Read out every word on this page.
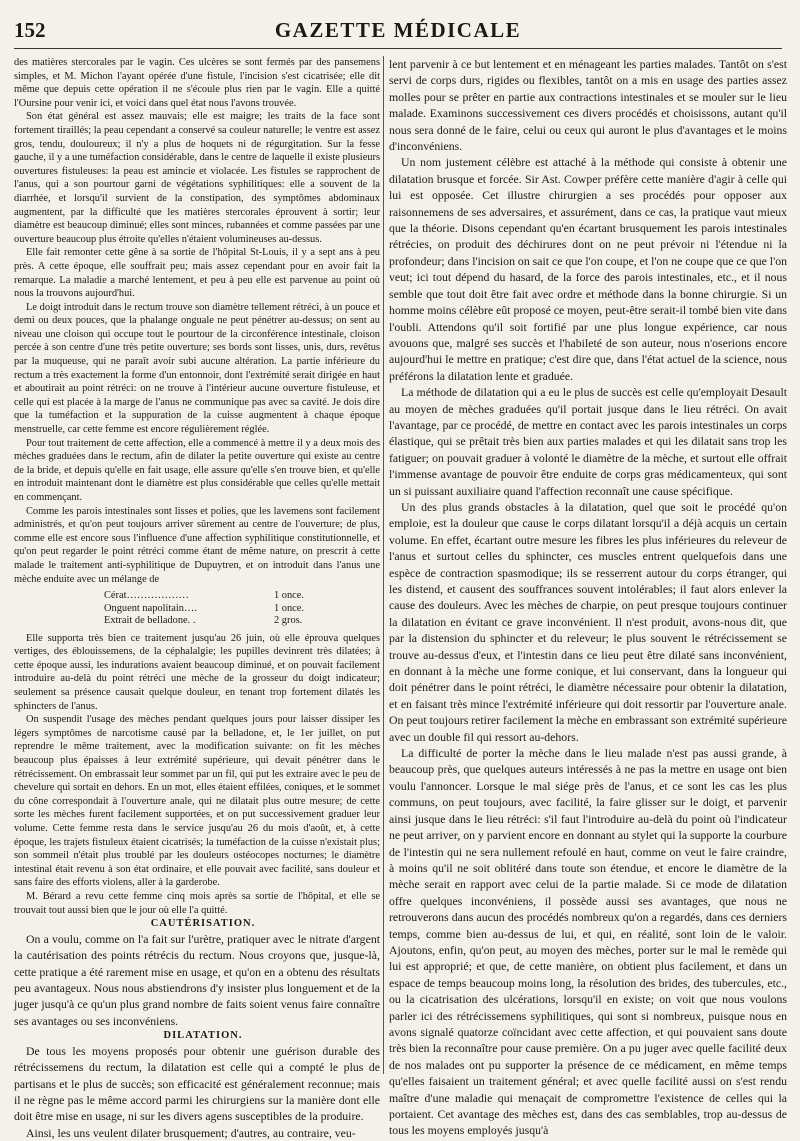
152	GAZETTE MÉDICALE

des matières stercorales par le vagin. Ces ulcères se sont fermés par des pansemens simples, et M. Michon l'ayant opérée d'une fistule, l'incision s'est cicatrisée; elle dit même que depuis cette opération il ne s'écoule plus rien par le vagin. Elle a quitté l'Oursine pour venir ici, et voici dans quel état nous l'avons trouvée.

Son état général est assez mauvais; elle est maigre; les traits de la face sont fortement tiraillés; la peau cependant a conservé sa couleur naturelle; le ventre est assez gros, tendu, douloureux; il n'y a plus de hoquets ni de régurgitation. Sur la fesse gauche, il y a une tuméfaction considérable, dans le centre de laquelle il existe plusieurs ouvertures fistuleuses: la peau est amincie et violacée. Les fistules se rapprochent de l'anus, qui a son pourtour garni de végétations syphilitiques: elle a souvent de la diarrhée, et lorsqu'il survient de la constipation, des symptômes abdominaux augmentent, par la difficulté que les matières stercorales éprouvent à sortir; leur diamètre est beaucoup diminué; elles sont minces, rubannées et comme passées par une ouverture beaucoup plus étroite qu'elles n'étaient volumineuses au-dessus.

Elle fait remonter cette gêne à sa sortie de l'hôpital St-Louis, il y a sept ans à peu près. A cette époque, elle souffrait peu; mais assez cependant pour en avoir fait la remarque. La maladie a marché lentement, et peu à peu elle est parvenue au point où nous la trouvons aujourd'hui.

Le doigt introduit dans le rectum trouve son diamètre tellement rétréci, à un pouce et demi ou deux pouces, que la phalange onguale ne peut pénétrer au-dessus; on sent au niveau une cloison qui occupe tout le pourtour de la circonférence intestinale, cloison percée à son centre d'une très petite ouverture; ses bords sont lisses, unis, durs, revêtus par la muqueuse, qui ne paraît avoir subi aucune altération. La partie inférieure du rectum a très exactement la forme d'un entonnoir, dont l'extrémité serait dirigée en haut et aboutirait au point rétréci: on ne trouve à l'intérieur aucune ouverture fistuleuse, et celle qui est placée à la marge de l'anus ne communique pas avec sa cavité. Je dois dire que la tuméfaction et la suppuration de la cuisse augmentent à chaque époque menstruelle, car cette femme est encore régulièrement réglée.

Pour tout traitement de cette affection, elle a commencé à mettre il y a deux mois des mèches graduées dans le rectum, afin de dilater la petite ouverture qui existe au centre de la bride, et depuis qu'elle en fait usage, elle assure qu'elle s'en trouve bien, et qu'elle en introduit maintenant dont le diamètre est plus considérable que celles qu'elle mettait en commençant.

Comme les parois intestinales sont lisses et polies, que les lavemens sont facilement administrés, et qu'on peut toujours arriver sûrement au centre de l'ouverture; de plus, comme elle est encore sous l'influence d'une affection syphilitique constitutionnelle, et qu'on peut regarder le point rétréci comme étant de même nature, on prescrit à cette malade le traitement anti-syphilitique de Dupuytren, et on introduit dans l'anus une mèche enduite avec un mélange de

Cérat………………	1 once.
Onguent napolitain….	1 once.
Extrait de belladone. .	2 gros.

Elle supporta très bien ce traitement jusqu'au 26 juin, où elle éprouva quelques vertiges, des éblouissemens, de la céphalalgie; les pupilles devinrent très dilatées; à cette époque aussi, les indurations avaient beaucoup diminué, et on pouvait facilement introduire au-delà du point rétréci une mèche de la grosseur du doigt indicateur; seulement sa présence causait quelque douleur, en tenant trop fortement dilatés les sphincters de l'anus.

On suspendit l'usage des mèches pendant quelques jours pour laisser dissiper les légers symptômes de narcotisme causé par la belladone, et, le 1er juillet, on put reprendre le même traitement, avec la modification suivante: on fit les mèches beaucoup plus épaisses à leur extrémité supérieure, qui devait pénétrer dans le rétrécissement. On embrassait leur sommet par un fil, qui put les extraire avec le peu de chevelure qui sortait en dehors. En un mot, elles étaient effilées, coniques, et le sommet du cône correspondait à l'ouverture anale, qui ne dilatait plus outre mesure; de cette sorte les mèches furent facilement supportées, et on put successivement graduer leur volume. Cette femme resta dans le service jusqu'au 26 du mois d'août, et, à cette époque, les trajets fistuleux étaient cicatrisés; la tuméfaction de la cuisse n'existait plus; son sommeil n'était plus troublé par les douleurs ostéocopes nocturnes; le diamètre intestinal était revenu à son état ordinaire, et elle pouvait avec facilité, sans douleur et sans faire des efforts violens, aller à la garderobe.

M. Bérard a revu cette femme cinq mois après sa sortie de l'hôpital, et elle se trouvait tout aussi bien que le jour où elle l'a quitté.

CAUTÉRISATION.

On a voulu, comme on l'a fait sur l'urètre, pratiquer avec le nitrate d'argent la cautérisation des points rétrécis du rectum. Nous croyons que, jusque-là, cette pratique a été rarement mise en usage, et qu'on en a obtenu des résultats peu avantageux. Nous nous abstiendrons d'y insister plus longuement et de la juger jusqu'à ce qu'un plus grand nombre de faits soient venus faire connaître ses avantages ou ses inconvéniens.

DILATATION.

De tous les moyens proposés pour obtenir une guérison durable des rétrécissemens du rectum, la dilatation est celle qui a compté le plus de partisans et le plus de succès; son efficacité est généralement reconnue; mais il ne règne pas le même accord parmi les chirurgiens sur la manière dont elle doit être mise en usage, ni sur les divers agens susceptibles de la produire.

Ainsi, les uns veulent dilater brusquement; d'autres, au contraire, veu-

lent parvenir à ce but lentement et en ménageant les parties malades. Tantôt on s'est servi de corps durs, rigides ou flexibles, tantôt on a mis en usage des parties assez molles pour se prêter en partie aux contractions intestinales et se mouler sur le lieu malade. Examinons successivement ces divers procédés et choisissons, autant qu'il nous sera donné de le faire, celui ou ceux qui auront le plus d'avantages et le moins d'inconvéniens.

Un nom justement célèbre est attaché à la méthode qui consiste à obtenir une dilatation brusque et forcée. Sir Ast. Cowper préfère cette manière d'agir à celle qui lui est opposée. Cet illustre chirurgien a ses procédés pour opposer aux raisonnemens de ses adversaires, et assurément, dans ce cas, la pratique vaut mieux que la théorie. Disons cependant qu'en écartant brusquement les parois intestinales rétrécies, on produit des déchirures dont on ne peut prévoir ni l'étendue ni la profondeur; dans l'incision on sait ce que l'on coupe, et l'on ne coupe que ce que l'on veut; ici tout dépend du hasard, de la force des parois intestinales, etc., et il nous semble que tout doit être fait avec ordre et méthode dans la bonne chirurgie. Si un homme moins célèbre eût proposé ce moyen, peut-être serait-il tombé bien vite dans l'oubli. Attendons qu'il soit fortifié par une plus longue expérience, car nous avouons que, malgré ses succès et l'habileté de son auteur, nous n'oserions encore aujourd'hui le mettre en pratique; c'est dire que, dans l'état actuel de la science, nous préférons la dilatation lente et graduée.

La méthode de dilatation qui a eu le plus de succès est celle qu'employait Desault au moyen de mèches graduées qu'il portait jusque dans le lieu rétréci. On avait l'avantage, par ce procédé, de mettre en contact avec les parois intestinales un corps élastique, qui se prêtait très bien aux parties malades et qui les dilatait sans trop les fatiguer; on pouvait graduer à volonté le diamètre de la mèche, et surtout elle offrait l'immense avantage de pouvoir être enduite de corps gras médicamenteux, qui sont un si puissant auxiliaire quand l'affection reconnaît une cause spécifique.

Un des plus grands obstacles à la dilatation, quel que soit le procédé qu'on emploie, est la douleur que cause le corps dilatant lorsqu'il a déjà acquis un certain volume. En effet, écartant outre mesure les fibres les plus inférieures du releveur de l'anus et surtout celles du sphincter, ces muscles entrent quelquefois dans une espèce de contraction spasmodique; ils se resserrent autour du corps étranger, qui les distend, et causent des souffrances souvent intolérables; il faut alors enlever la cause des douleurs. Avec les mèches de charpie, on peut presque toujours continuer la dilatation en évitant ce grave inconvénient. Il n'est produit, avons-nous dit, que par la distension du sphincter et du releveur; le plus souvent le rétrécissement se trouve au-dessus d'eux, et l'intestin dans ce lieu peut être dilaté sans inconvénient, en donnant à la mèche une forme conique, et lui conservant, dans la longueur qui doit pénétrer dans le point rétréci, le diamètre nécessaire pour obtenir la dilatation, et en faisant très mince l'extrémité inférieure qui doit ressortir par l'ouverture anale. On peut toujours retirer facilement la mèche en embrassant son extrémité supérieure avec un double fil qui ressort au-dehors.

La difficulté de porter la mèche dans le lieu malade n'est pas aussi grande, à beaucoup près, que quelques auteurs intéressés à ne pas la mettre en usage ont bien voulu l'annoncer. Lorsque le mal siége près de l'anus, et ce sont les cas les plus communs, on peut toujours, avec facilité, la faire glisser sur le doigt, et parvenir ainsi jusque dans le lieu rétréci: s'il faut l'introduire au-delà du point où l'indicateur ne peut arriver, on y parvient encore en donnant au stylet qui la supporte la courbure de l'intestin qui ne sera nullement refoulé en haut, comme on veut le faire craindre, à moins qu'il ne soit oblitéré dans toute son étendue, et encore le diamètre de la mèche serait en rapport avec celui de la partie malade. Si ce mode de dilatation offre quelques inconvéniens, il possède aussi ses avantages, que nous ne retrouverons dans aucun des procédés nombreux qu'on a regardés, dans ces derniers temps, comme bien au-dessus de lui, et qui, en réalité, sont loin de le valoir. Ajoutons, enfin, qu'on peut, au moyen des mèches, porter sur le mal le remède qui lui est approprié; et que, de cette manière, on obtient plus facilement, et dans un espace de temps beaucoup moins long, la résolution des brides, des tubercules, etc., ou la cicatrisation des ulcérations, lorsqu'il en existe; on voit que nous voulons parler ici des rétrécissemens syphilitiques, qui sont si nombreux, puisque nous en avons signalé quatorze coïncidant avec cette affection, et qui pouvaient sans doute très bien la reconnaître pour cause première. On a pu juger avec quelle facilité deux de nos malades ont pu supporter la présence de ce médicament, en même temps qu'elles faisaient un traitement général; et avec quelle facilité aussi on s'est rendu maître d'une maladie qui menaçait de compromettre l'existence de celles qui la portaient. Cet avantage des mèches est, dans des cas semblables, trop au-dessus de tous les moyens employés jusqu'à
